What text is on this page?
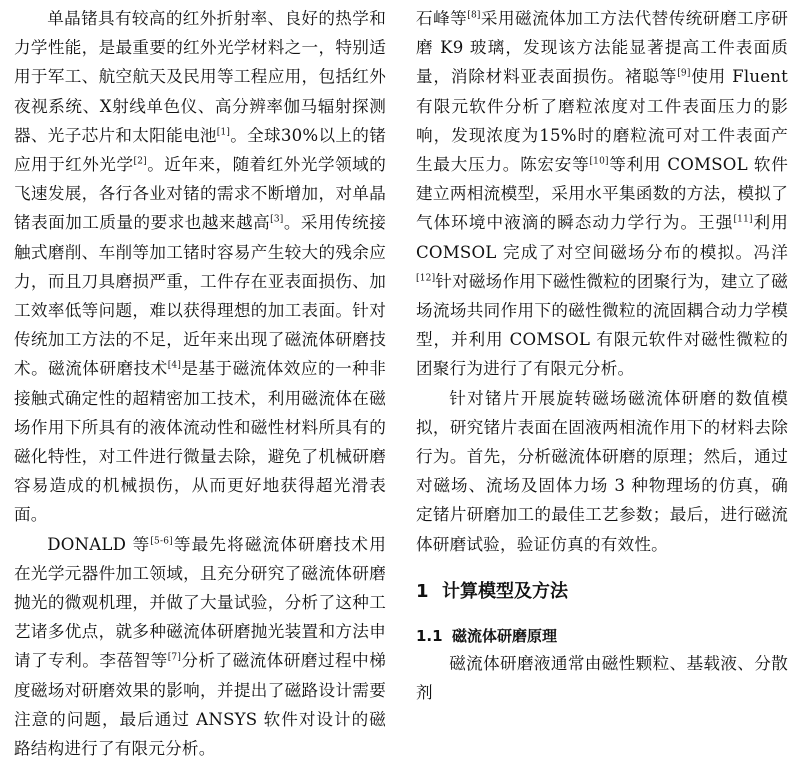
单晶锗具有较高的红外折射率、良好的热学和力学性能，是最重要的红外光学材料之一，特别适用于军工、航空航天及民用等工程应用，包括红外夜视系统、X射线单色仪、高分辨率伽马辐射探测器、光子芯片和太阳能电池[1]。全球30%以上的锗应用于红外光学[2]。近年来，随着红外光学领域的飞速发展，各行各业对锗的需求不断增加，对单晶锗表面加工质量的要求也越来越高[3]。采用传统接触式磨削、车削等加工锗时容易产生较大的残余应力，而且刀具磨损严重，工件存在亚表面损伤、加工效率低等问题，难以获得理想的加工表面。针对传统加工方法的不足，近年来出现了磁流体研磨技术。磁流体研磨技术[4]是基于磁流体效应的一种非接触式确定性的超精密加工技术，利用磁流体在磁场作用下所具有的液体流动性和磁性材料所具有的磁化特性，对工件进行微量去除，避免了机械研磨容易造成的机械损伤，从而更好地获得超光滑表面。

DONALD 等[5-6]等最先将磁流体研磨技术用在光学元器件加工领域，且充分研究了磁流体研磨抛光的微观机理，并做了大量试验，分析了这种工艺诸多优点，就多种磁流体研磨抛光装置和方法申请了专利。李蓓智等[7]分析了磁流体研磨过程中梯度磁场对研磨效果的影响，并提出了磁路设计需要注意的问题，最后通过 ANSYS 软件对设计的磁路结构进行了有限元分析。

石峰等[8]采用磁流体加工方法代替传统研磨工序研磨 K9 玻璃，发现该方法能显著提高工件表面质量，消除材料亚表面损伤。褚聪等[9]使用 Fluent 有限元软件分析了磨粒浓度对工件表面压力的影响，发现浓度为15%时的磨粒流可对工件表面产生最大压力。陈宏安等[10]等利用 COMSOL 软件建立两相流模型，采用水平集函数的方法，模拟了气体环境中液滴的瞬态动力学行为。王强[11]利用 COMSOL 完成了对空间磁场分布的模拟。冯洋[12]针对磁场作用下磁性微粒的团聚行为，建立了磁场流场共同作用下的磁性微粒的流固耦合动力学模型，并利用 COMSOL 有限元软件对磁性微粒的团聚行为进行了有限元分析。

针对锗片开展旋转磁场磁流体研磨的数值模拟，研究锗片表面在固液两相流作用下的材料去除行为。首先，分析磁流体研磨的原理；然后，通过对磁场、流场及固体力场 3 种物理场的仿真，确定锗片研磨加工的最佳工艺参数；最后，进行磁流体研磨试验，验证仿真的有效性。

1 计算模型及方法
1.1 磁流体研磨原理

磁流体研磨液通常由磁性颗粒、基载液、分散剂
